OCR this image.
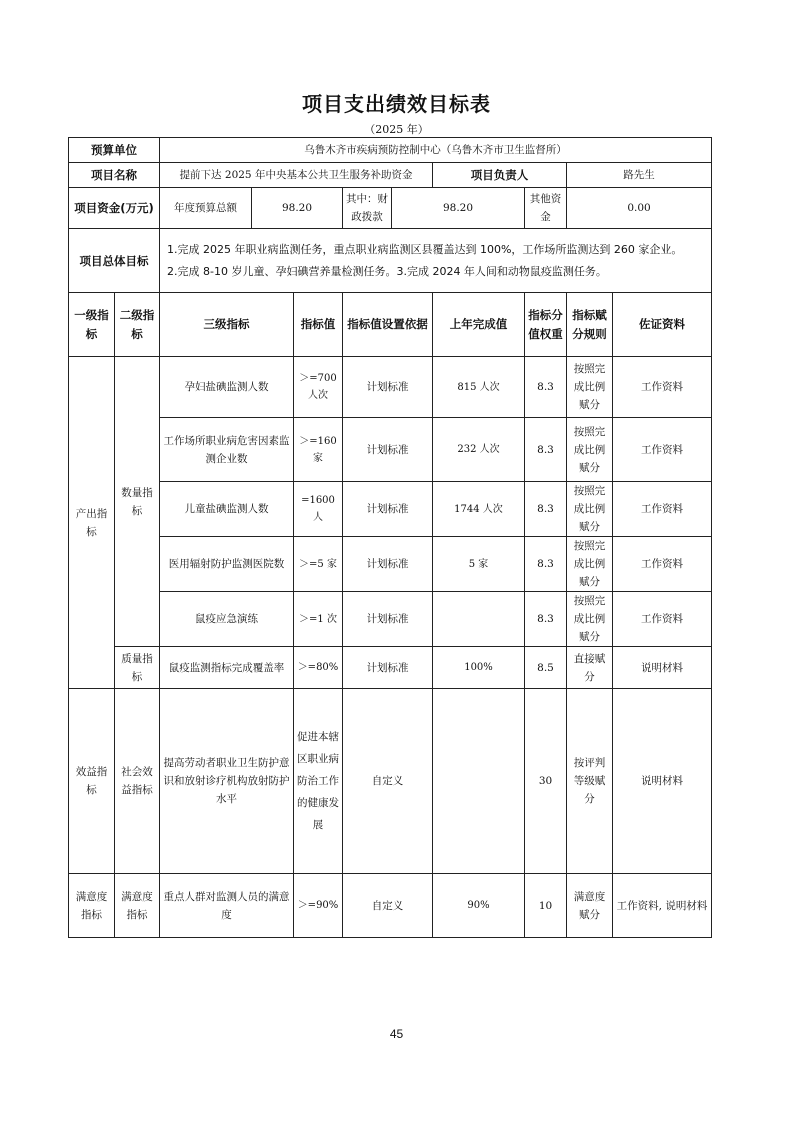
项目支出绩效目标表
（2025 年）
预算单位		乌鲁木齐市疾病预防控制中心（乌鲁木齐市卫生监督所）								
项目名称		提前下达 2025 年中央基本公共卫生服务补助资金					项目负责人		路先生	
项目资金(万元)		年度预算总额	98.20		其中：财政拨款	98.20		其他资金	0.00	
项目总体目标		1.完成 2025 年职业病监测任务，重点职业病监测区县覆盖达到 100%，工作场所监测达到 260 家企业。
2.完成 8-10 岁儿童、孕妇碘营养量检测任务。3.完成 2024 年人间和动物鼠疫监测任务。								

一级指标	二级指标	三级指标		指标值	指标值设置依据		上年完成值	指标分值权重	指标赋分规则	佐证资料
产出指标	数量指标	孕妇盐碘监测人数		＞=700 人次	计划标准		815 人次	8.3	按照完成比例赋分	工作资料
		工作场所职业病危害因素监测企业数		＞=160 家	计划标准		232 人次	8.3	按照完成比例赋分	工作资料
		儿童盐碘监测人数		=1600 人	计划标准		1744 人次	8.3	按照完成比例赋分	工作资料
		医用辐射防护监测医院数		＞=5 家	计划标准		5 家	8.3	按照完成比例赋分	工作资料
		鼠疫应急演练		＞=1 次	计划标准			8.3	按照完成比例赋分	工作资料
	质量指标	鼠疫监测指标完成覆盖率		＞=80%	计划标准		100%	8.5	直接赋分	说明材料
效益指标	社会效益指标	提高劳动者职业卫生防护意识和放射诊疗机构放射防护水平		促进本辖区职业病防治工作的健康发展	自定义			30	按评判等级赋分	说明材料
满意度指标	满意度指标	重点人群对监测人员的满意度		＞=90%	自定义		90%	10	满意度赋分	工作资料, 说明材料
45
